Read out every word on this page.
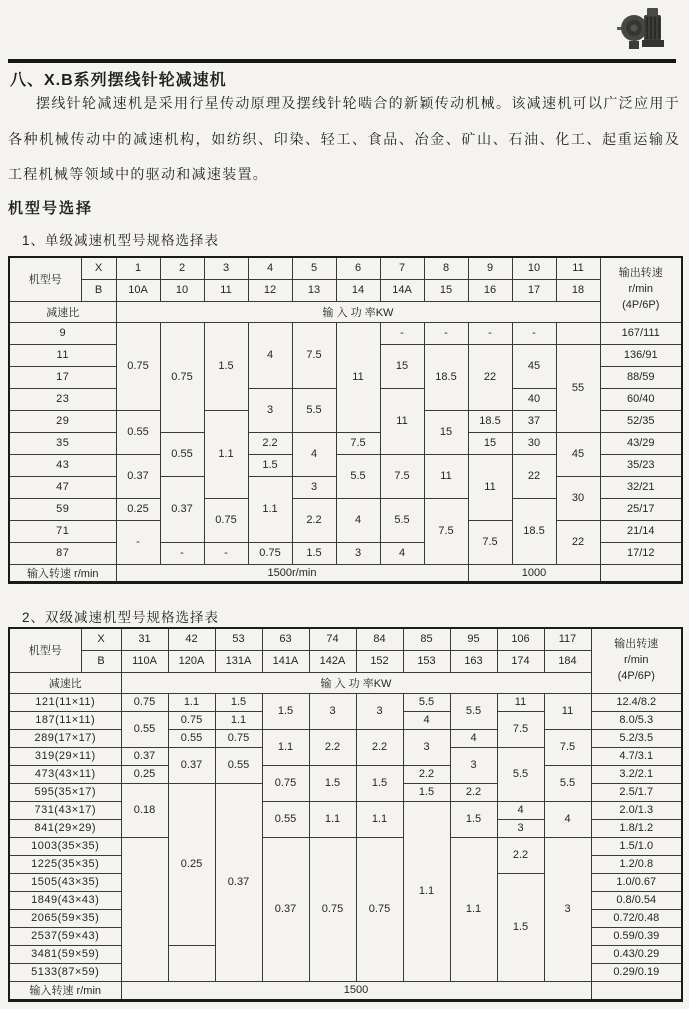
八、X.B系列摆线针轮减速机

摆线针轮减速机是采用行星传动原理及摆线针轮啮合的新颖传动机械。该减速机可以广泛应用于各种机械传动中的减速机构，如纺织、印染、轻工、食品、冶金、矿山、石油、化工、起重运输及工程机械等领域中的驱动和减速装置。

机型号选择
1、单级减速机型号规格选择表
机型号	X	1	2	3	4	5	6	7	8	9	10	11	输出转速
r/min
(4P/6P)
	B	10A	10	11	12	13	14	14A	15	16	17	18	
减速比		输 入 功 率KW											
9		0.75	0.75	1.5	4	7.5	11	-	-	-	-		167/111
11								15	18.5	22	45	55	136/91
17													88/59
23					3	5.5		11			40		60/40
29		0.55		1.1					15	18.5	37		52/35
35			0.55		2.2	4	7.5			15	30	45	43/29
43		0.37			1.5		5.5	7.5	11	11	22		35/23
47			0.37		1.1	3						30	32/21
59		0.25		0.75		2.2	4	5.5	7.5		18.5		25/17
71		-								7.5		22	21/14
87			-	-	0.75	1.5	3	4					17/12
输入转速 r/min		1500r/min								1000			
2、双级减速机型号规格选择表
机型号	X	31	42	53	63	74	84	85	95	106	117	输出转速
r/min
(4P/6P)
	B	110A	120A	131A	141A	142A	152	153	163	174	184	
减速比		输 入 功 率KW										
121(11×11)		0.75	1.1	1.5	1.5	3	3	5.5	5.5	11	11	12.4/8.2
187(11×11)		0.55	0.75	1.1				4		7.5		8.0/5.3
289(17×17)			0.55	0.75	1.1	2.2	2.2	3	4		7.5	5.2/3.5
319(29×11)		0.37	0.37	0.55					3	5.5		4.7/3.1
473(43×11)		0.25			0.75	1.5	1.5	2.2			5.5	3.2/2.1
595(35×17)		0.18	0.25	0.37				1.5	2.2			2.5/1.7
731(43×17)					0.55	1.1	1.1	1.1	1.5	4	4	2.0/1.3
841(29×29)										3		1.8/1.2
1003(35×35)					0.37	0.75	0.75		1.1	2.2	3	1.5/1.0
1225(35×35)												1.2/0.8
1505(43×35)										1.5		1.0/0.67
1849(43×43)												0.8/0.54
2065(59×35)												0.72/0.48
2537(59×43)												0.59/0.39
3481(59×59)												0.43/0.29
5133(87×59)												0.29/0.19
输入转速 r/min		1500										
